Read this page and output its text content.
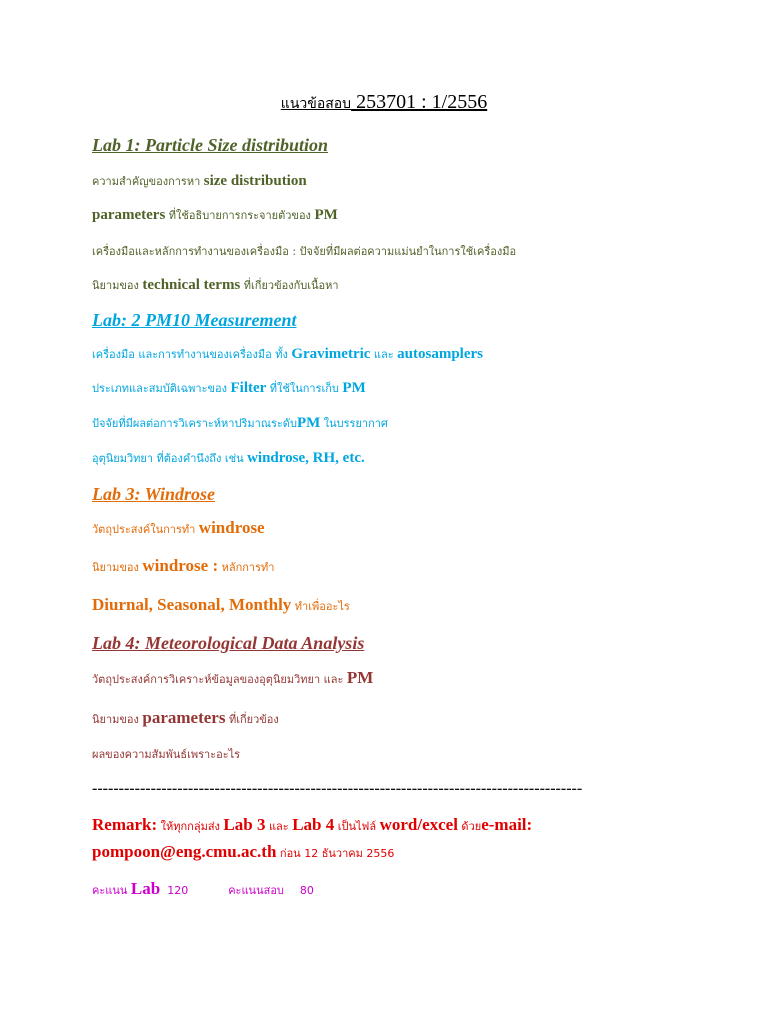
แนวข้อสอบ 253701 : 1/2556
Lab 1: Particle Size distribution
ความสำคัญของการหา size distribution
parameters ที่ใช้อธิบายการกระจายตัวของ PM
เครื่องมือและหลักการทำงานของเครื่องมือ : ปัจจัยที่มีผลต่อความแม่นยำในการใช้เครื่องมือ
นิยามของ technical terms ที่เกี่ยวข้องกับเนื้อหา
Lab: 2 PM10 Measurement
เครื่องมือ และการทำงานของเครื่องมือ ทั้ง Gravimetric และ autosamplers
ประเภทและสมบัติเฉพาะของ Filter ที่ใช้ในการเก็บ PM
ปัจจัยที่มีผลต่อการวิเคราะห์หาปริมาณระดับPM ในบรรยากาศ
อุตุนิยมวิทยา ที่ต้องคำนึงถึง เช่น windrose, RH, etc.
Lab 3: Windrose
วัตถุประสงค์ในการทำ windrose
นิยามของ windrose : หลักการทำ
Diurnal, Seasonal, Monthly ทำเพื่ออะไร
Lab 4: Meteorological Data Analysis
วัตถุประสงค์การวิเคราะห์ข้อมูลของอุตุนิยมวิทยา และ PM
นิยามของ parameters ที่เกี่ยวข้อง
ผลของความสัมพันธ์เพราะอะไร
--------------------------------------------------------------------------------------------
Remark: ให้ทุกกลุ่มส่ง Lab 3 และ Lab 4 เป็นไฟล์ word/excel ด้วยe-mail:
pompoon@eng.cmu.ac.th ก่อน 12 ธันวาคม 2556
คะแนน Lab  120	คะแนนสอบ 80
